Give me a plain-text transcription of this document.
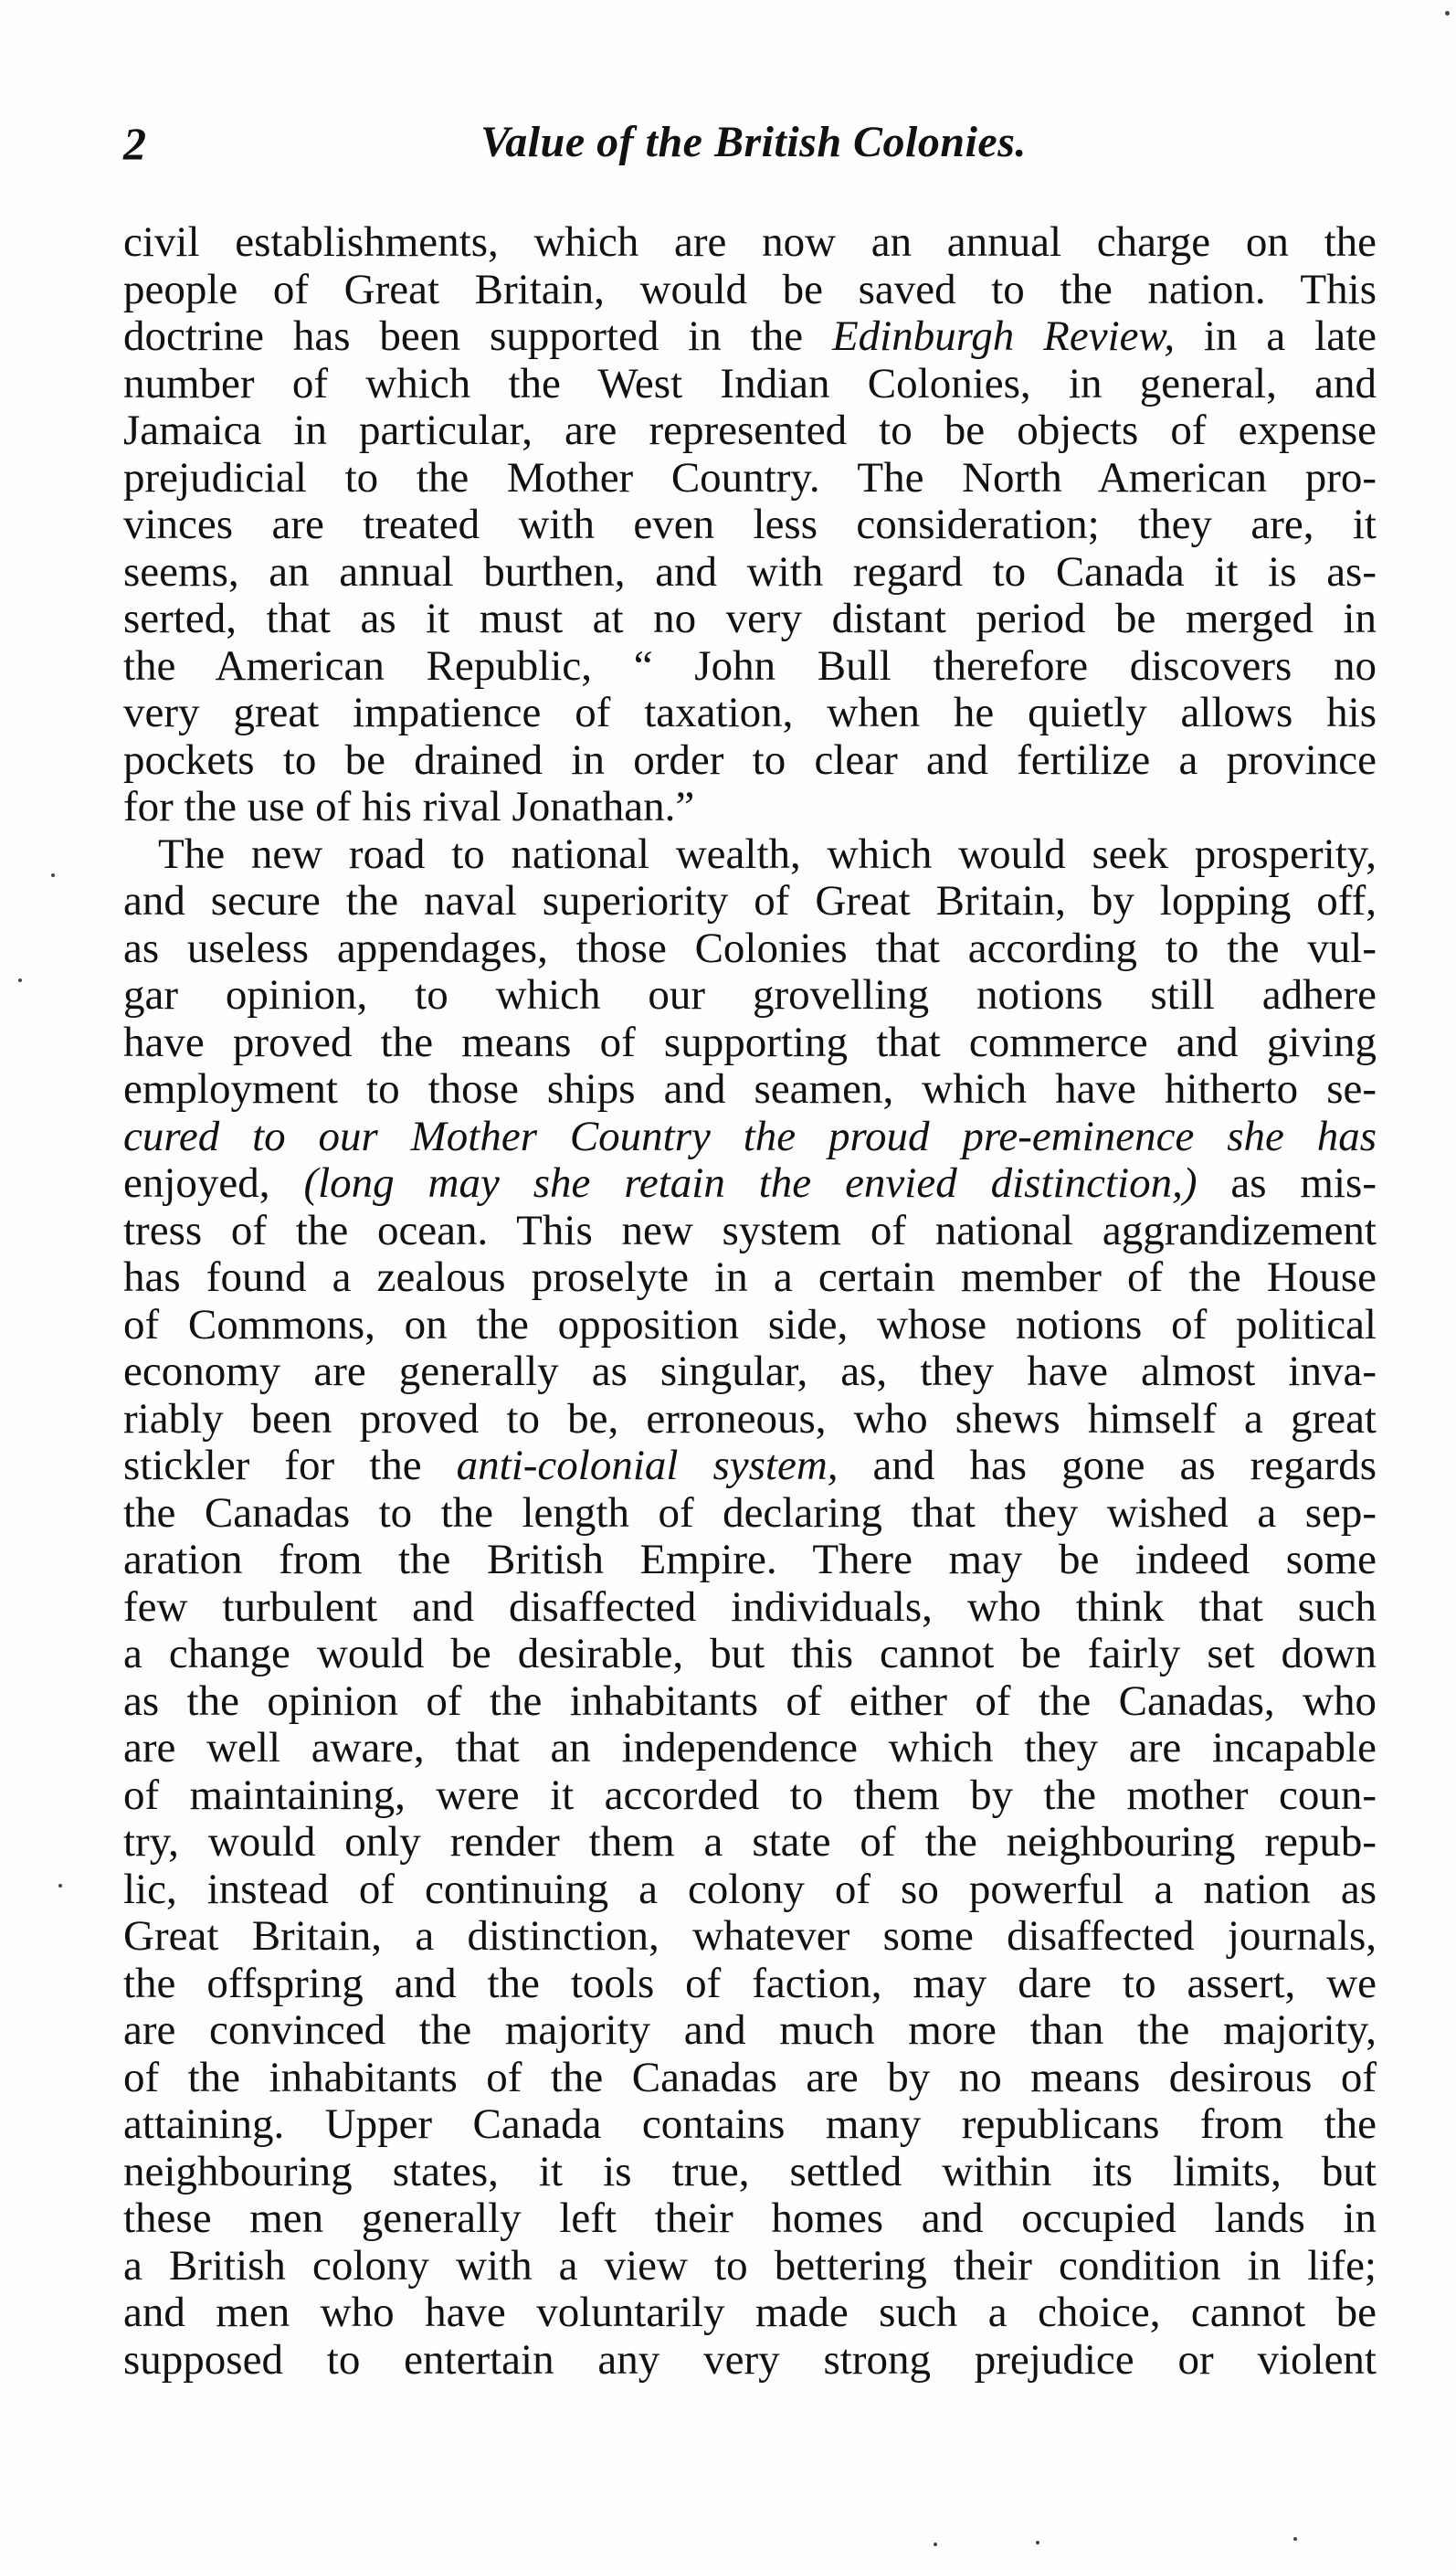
2	Value of the British Colonies.
civil establishments, which are now an annual charge on the
people of Great Britain, would be saved to the nation. This
doctrine has been supported in the Edinburgh Review, in a late
number of which the West Indian Colonies, in general, and
Jamaica in particular, are represented to be objects of expense
prejudicial to the Mother Country. The North American pro-
vinces are treated with even less consideration; they are, it
seems, an annual burthen, and with regard to Canada it is as-
serted, that as it must at no very distant period be merged in
the American Republic, “ John Bull therefore discovers no
very great impatience of taxation, when he quietly allows his
pockets to be drained in order to clear and fertilize a province
for the use of his rival Jonathan.”
The new road to national wealth, which would seek prosperity,
and secure the naval superiority of Great Britain, by lopping off,
as useless appendages, those Colonies that according to the vul-
gar opinion, to which our grovelling notions still adhere
have proved the means of supporting that commerce and giving
employment to those ships and seamen, which have hitherto se-
cured to our Mother Country the proud pre-eminence she has
enjoyed, (long may she retain the envied distinction,) as mis-
tress of the ocean. This new system of national aggrandizement
has found a zealous proselyte in a certain member of the House
of Commons, on the opposition side, whose notions of political
economy are generally as singular, as, they have almost inva-
riably been proved to be, erroneous, who shews himself a great
stickler for the anti-colonial system, and has gone as regards
the Canadas to the length of declaring that they wished a sep-
aration from the British Empire. There may be indeed some
few turbulent and disaffected individuals, who think that such
a change would be desirable, but this cannot be fairly set down
as the opinion of the inhabitants of either of the Canadas, who
are well aware, that an independence which they are incapable
of maintaining, were it accorded to them by the mother coun-
try, would only render them a state of the neighbouring repub-
lic, instead of continuing a colony of so powerful a nation as
Great Britain, a distinction, whatever some disaffected journals,
the offspring and the tools of faction, may dare to assert, we
are convinced the majority and much more than the majority,
of the inhabitants of the Canadas are by no means desirous of
attaining. Upper Canada contains many republicans from the
neighbouring states, it is true, settled within its limits, but
these men generally left their homes and occupied lands in
a British colony with a view to bettering their condition in life;
and men who have voluntarily made such a choice, cannot be
supposed to entertain any very strong prejudice or violent
